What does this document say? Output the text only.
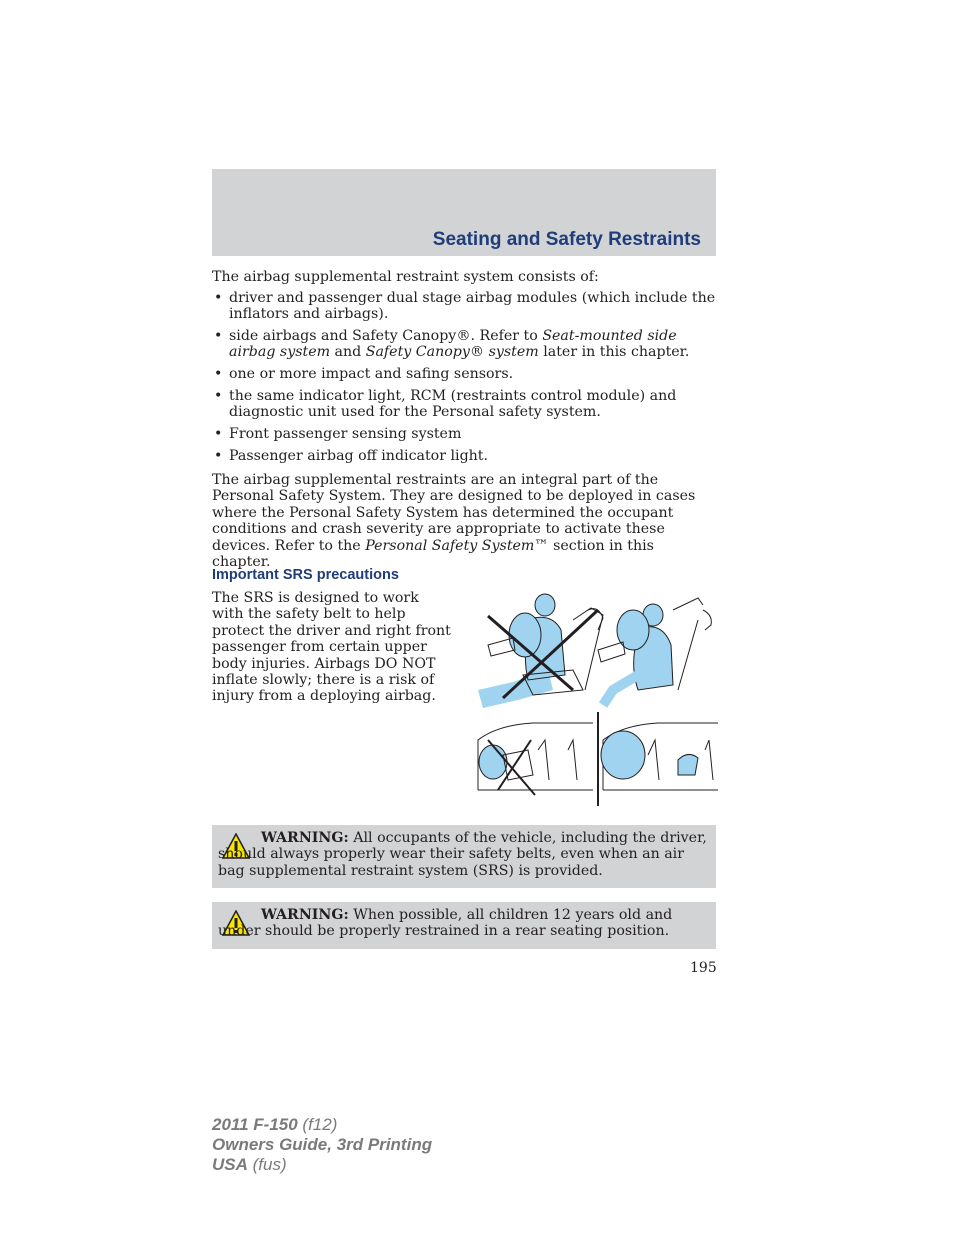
Seating and Safety Restraints
The airbag supplemental restraint system consists of:
• driver and passenger dual stage airbag modules (which include the inflators and airbags).
• side airbags and Safety Canopy®. Refer to Seat-mounted side airbag system and Safety Canopy® system later in this chapter.
• one or more impact and safing sensors.
• the same indicator light, RCM (restraints control module) and diagnostic unit used for the Personal safety system.
• Front passenger sensing system
• Passenger airbag off indicator light.
The airbag supplemental restraints are an integral part of the Personal Safety System. They are designed to be deployed in cases where the Personal Safety System has determined the occupant conditions and crash severity are appropriate to activate these devices. Refer to the Personal Safety System™ section in this chapter.
Important SRS precautions
The SRS is designed to work with the safety belt to help protect the driver and right front passenger from certain upper body injuries. Airbags DO NOT inflate slowly; there is a risk of injury from a deploying airbag.
WARNING: All occupants of the vehicle, including the driver, should always properly wear their safety belts, even when an air bag supplemental restraint system (SRS) is provided.
WARNING: When possible, all children 12 years old and under should be properly restrained in a rear seating position.
195
2011 F-150 (f12)
Owners Guide, 3rd Printing
USA (fus)
